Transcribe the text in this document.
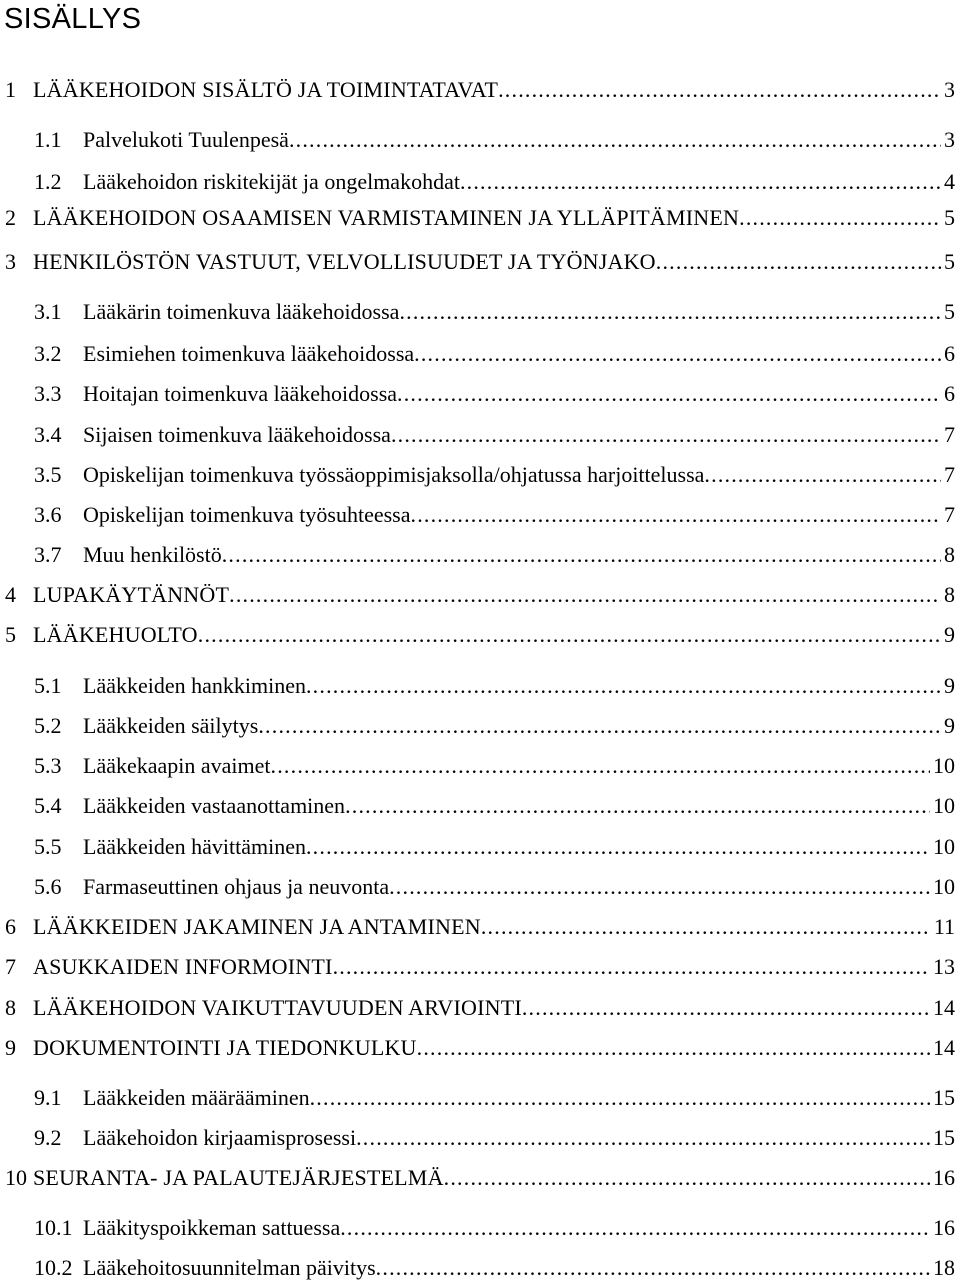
SISÄLLYS
1 LÄÄKEHOIDON SISÄLTÖ JA TOIMINTATAVAT .....	3
1.1 Palvelukoti Tuulenpesä .....	3
1.2 Lääkehoidon riskitekijät ja ongelmakohdat .....	4
2 LÄÄKEHOIDON OSAAMISEN VARMISTAMINEN JA YLLÄPITÄMINEN .....	5
3 HENKILÖSTÖN VASTUUT, VELVOLLISUUDET JA TYÖNJAKO .....	5
3.1 Lääkärin toimenkuva lääkehoidossa .....	5
3.2 Esimiehen toimenkuva lääkehoidossa .....	6
3.3 Hoitajan toimenkuva lääkehoidossa .....	6
3.4 Sijaisen toimenkuva lääkehoidossa .....	7
3.5 Opiskelijan toimenkuva työssäoppimisjaksolla/ohjatussa harjoittelussa .....	7
3.6 Opiskelijan toimenkuva työsuhteessa .....	7
3.7 Muu henkilöstö .....	8
4 LUPAKÄYTÄNNÖT .....	8
5 LÄÄKEHUOLTO .....	9
5.1 Lääkkeiden hankkiminen .....	9
5.2 Lääkkeiden säilytys .....	9
5.3 Lääkekaapin avaimet .....	10
5.4 Lääkkeiden vastaanottaminen .....	10
5.5 Lääkkeiden hävittäminen .....	10
5.6 Farmaseuttinen ohjaus ja neuvonta .....	10
6 LÄÄKKEIDEN JAKAMINEN JA ANTAMINEN .....	11
7 ASUKKAIDEN INFORMOINTI .....	13
8 LÄÄKEHOIDON VAIKUTTAVUUDEN ARVIOINTI .....	14
9 DOKUMENTOINTI JA TIEDONKULKU .....	14
9.1 Lääkkeiden määrääminen .....	15
9.2 Lääkehoidon kirjaamisprosessi .....	15
10 SEURANTA- JA PALAUTEJÄRJESTELMÄ .....	16
10.1 Lääkityspoikkeman sattuessa .....	16
10.2 Lääkehoitosuunnitelman päivitys .....	18
